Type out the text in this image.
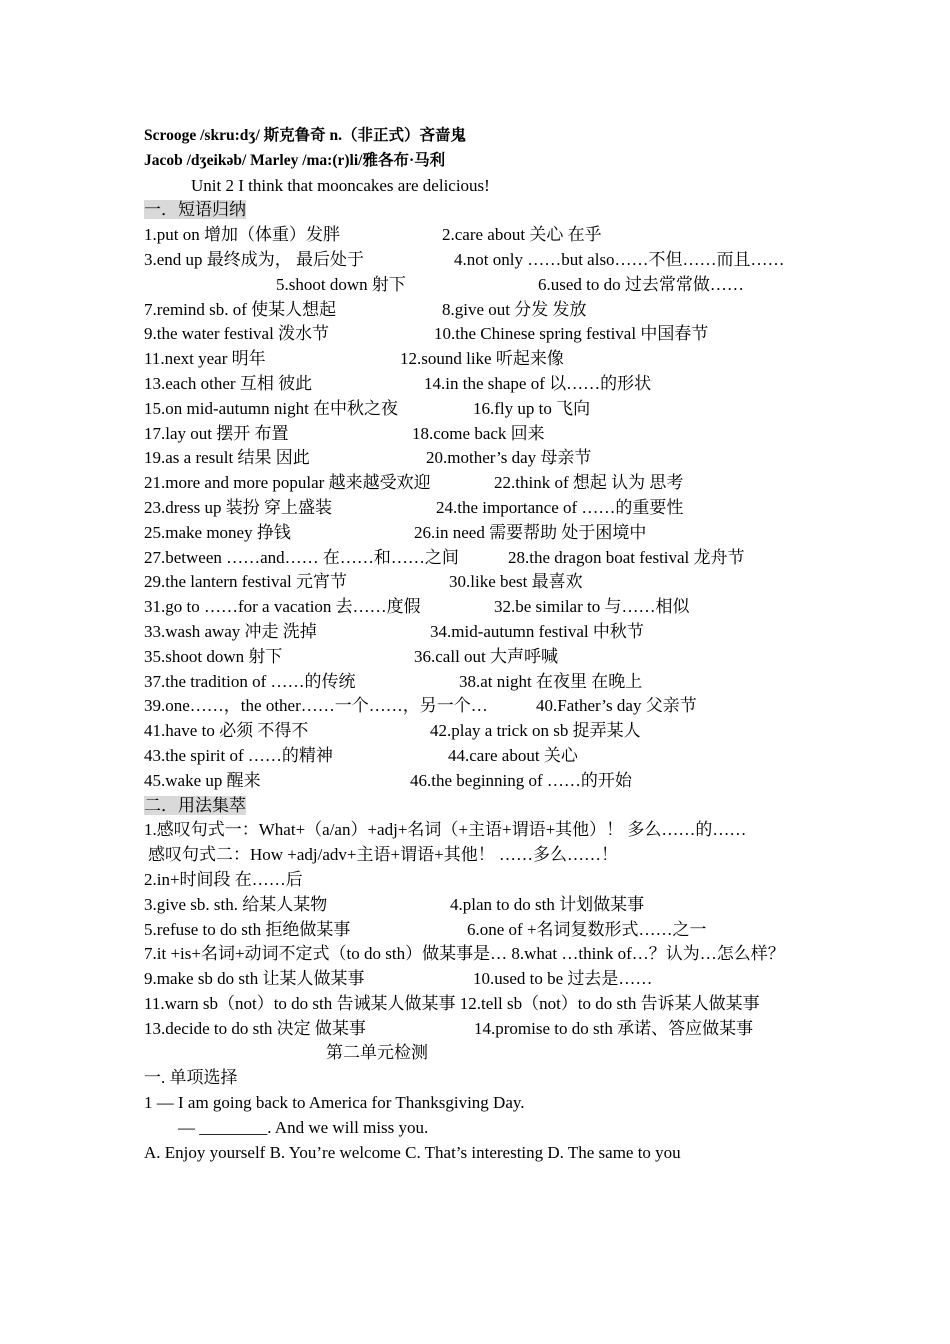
Scrooge /skru:dʒ/ 斯克鲁奇 n.（非正式）吝啬鬼
Jacob /dʒeikəb/ Marley /ma:(r)li/雅各布·马利
Unit 2 I think that mooncakes are delicious!
一．短语归纳
1.put on 增加（体重）发胖	2.care about 关心 在乎
3.end up 最终成为， 最后处于	4.not only ……but also……不但……而且……
5.shoot down 射下	6.used to do 过去常常做……
7.remind sb. of 使某人想起	8.give out 分发 发放
9.the water festival 泼水节	10.the Chinese spring festival 中国春节
11.next year 明年	12.sound like 听起来像
13.each other 互相 彼此	14.in the shape of 以……的形状
15.on mid-autumn night 在中秋之夜	16.fly up to 飞向
17.lay out 摆开 布置	18.come back 回来
19.as a result 结果 因此	20.mother’s day 母亲节
21.more and more popular 越来越受欢迎	22.think of 想起 认为 思考
23.dress up 装扮 穿上盛装	24.the importance of ……的重要性
25.make money 挣钱	26.in need 需要帮助 处于困境中
27.between ……and…… 在……和……之间	28.the dragon boat festival 龙舟节
29.the lantern festival 元宵节	30.like best 最喜欢
31.go to ……for a vacation 去……度假	32.be similar to 与……相似
33.wash away 冲走 洗掉	34.mid-autumn festival 中秋节
35.shoot down 射下	36.call out 大声呼喊
37.the tradition of ……的传统	38.at night 在夜里 在晚上
39.one……，the other……一个……，另一个…	40.Father’s day 父亲节
41.have to 必须 不得不	42.play a trick on sb 捉弄某人
43.the spirit of ……的精神	44.care about 关心
45.wake up 醒来	46.the beginning of ……的开始
二．用法集萃
1.感叹句式一：What+（a/an）+adj+名词（+主语+谓语+其他）！ 多么……的……
感叹句式二：How +adj/adv+主语+谓语+其他！ ……多么……！
2.in+时间段 在……后
3.give sb. sth. 给某人某物	4.plan to do sth 计划做某事
5.refuse to do sth 拒绝做某事	6.one of +名词复数形式……之一
7.it +is+名词+动词不定式（to do sth）做某事是… 8.what …think of…？认为…怎么样？
9.make sb do sth 让某人做某事	10.used to be 过去是……
11.warn sb（not）to do sth 告诫某人做某事 12.tell sb（not）to do sth 告诉某人做某事
13.decide to do sth 决定 做某事	14.promise to do sth 承诺、答应做某事
第二单元检测
一. 单项选择
1 — I am going back to America for Thanksgiving Day.
— ________. And we will miss you.
A. Enjoy yourself B. You’re welcome C. That’s interesting D. The same to you
